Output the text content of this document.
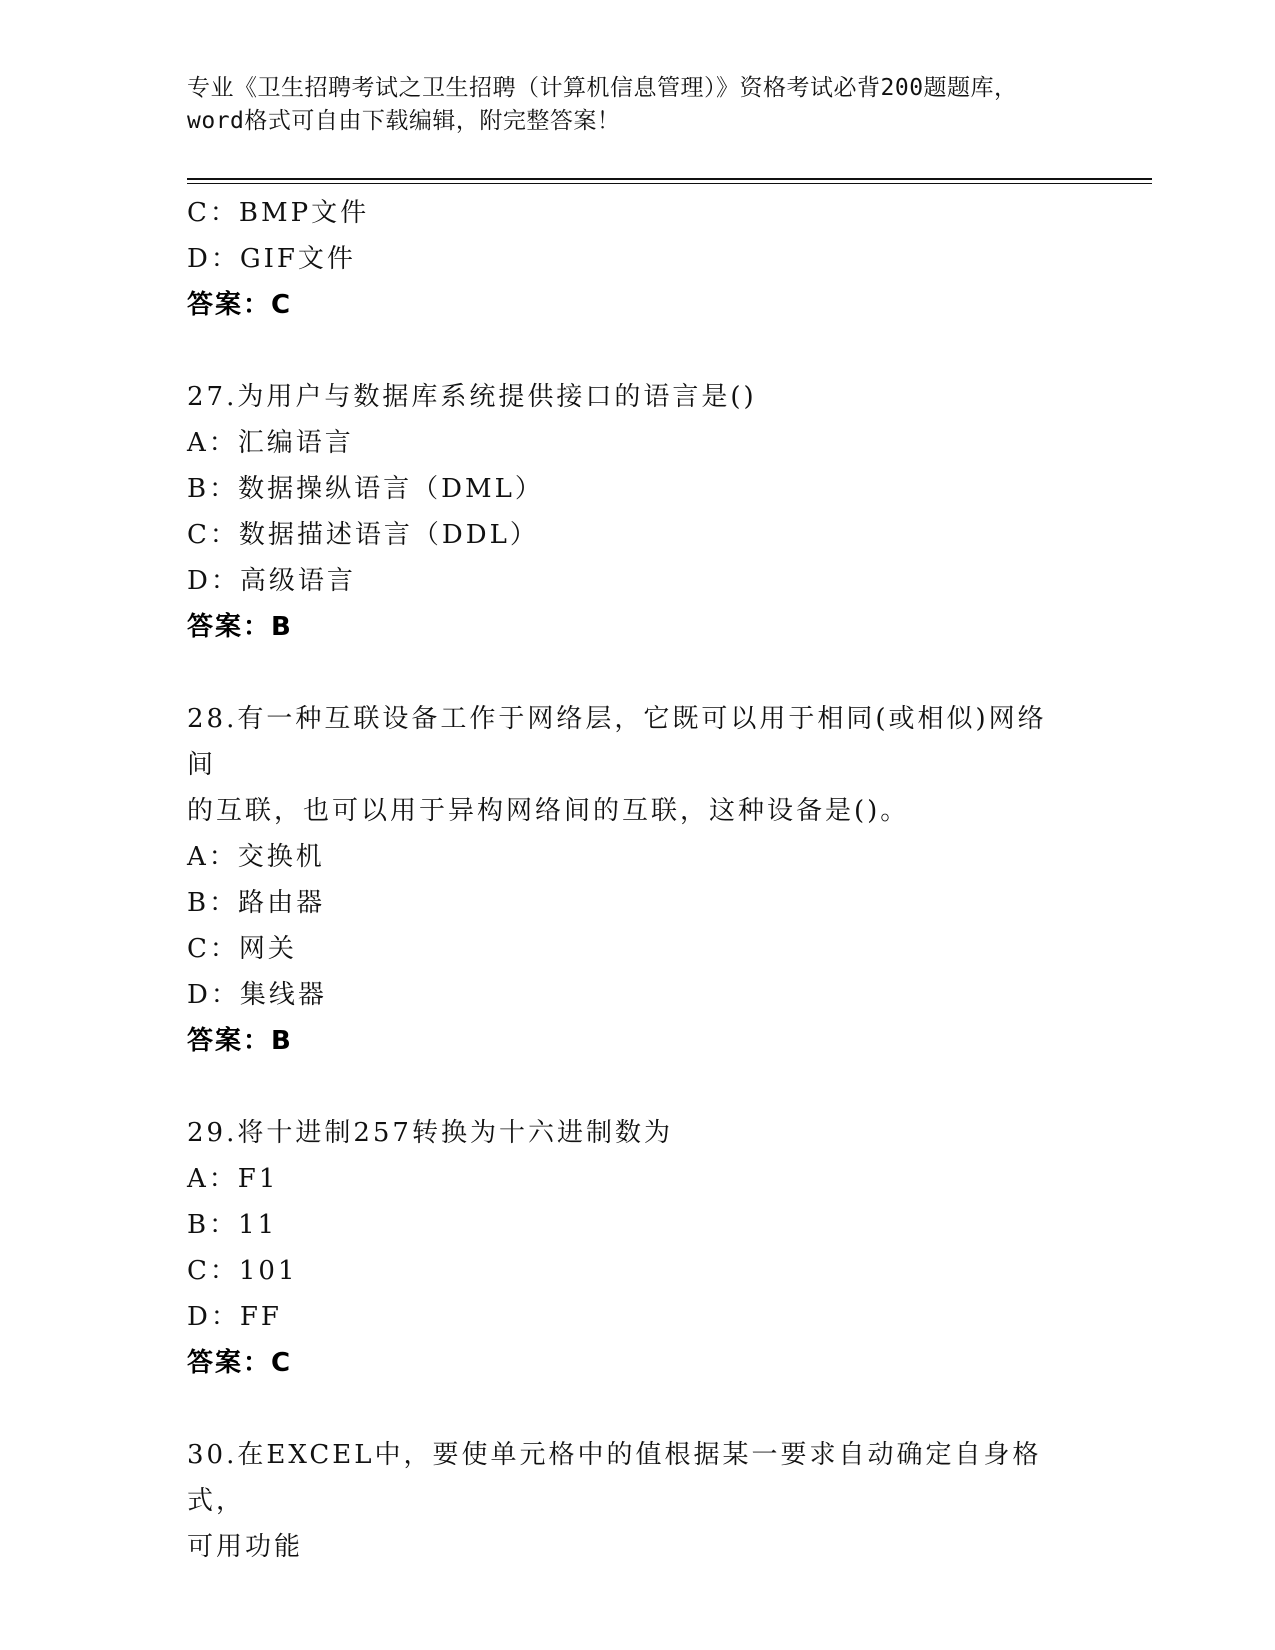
专业《卫生招聘考试之卫生招聘（计算机信息管理）》资格考试必背200题题库，
word格式可自由下载编辑，附完整答案！
C：BMP文件
D：GIF文件
答案：C
27.为用户与数据库系统提供接口的语言是()
A：汇编语言
B：数据操纵语言（DML）
C：数据描述语言（DDL）
D：高级语言
答案：B
28.有一种互联设备工作于网络层，它既可以用于相同(或相似)网络间
的互联，也可以用于异构网络间的互联，这种设备是()。
A：交换机
B：路由器
C：网关
D：集线器
答案：B
29.将十进制257转换为十六进制数为
A：F1
B：11
C：101
D：FF
答案：C
30.在EXCEL中，要使单元格中的值根据某一要求自动确定自身格式，
可用功能
